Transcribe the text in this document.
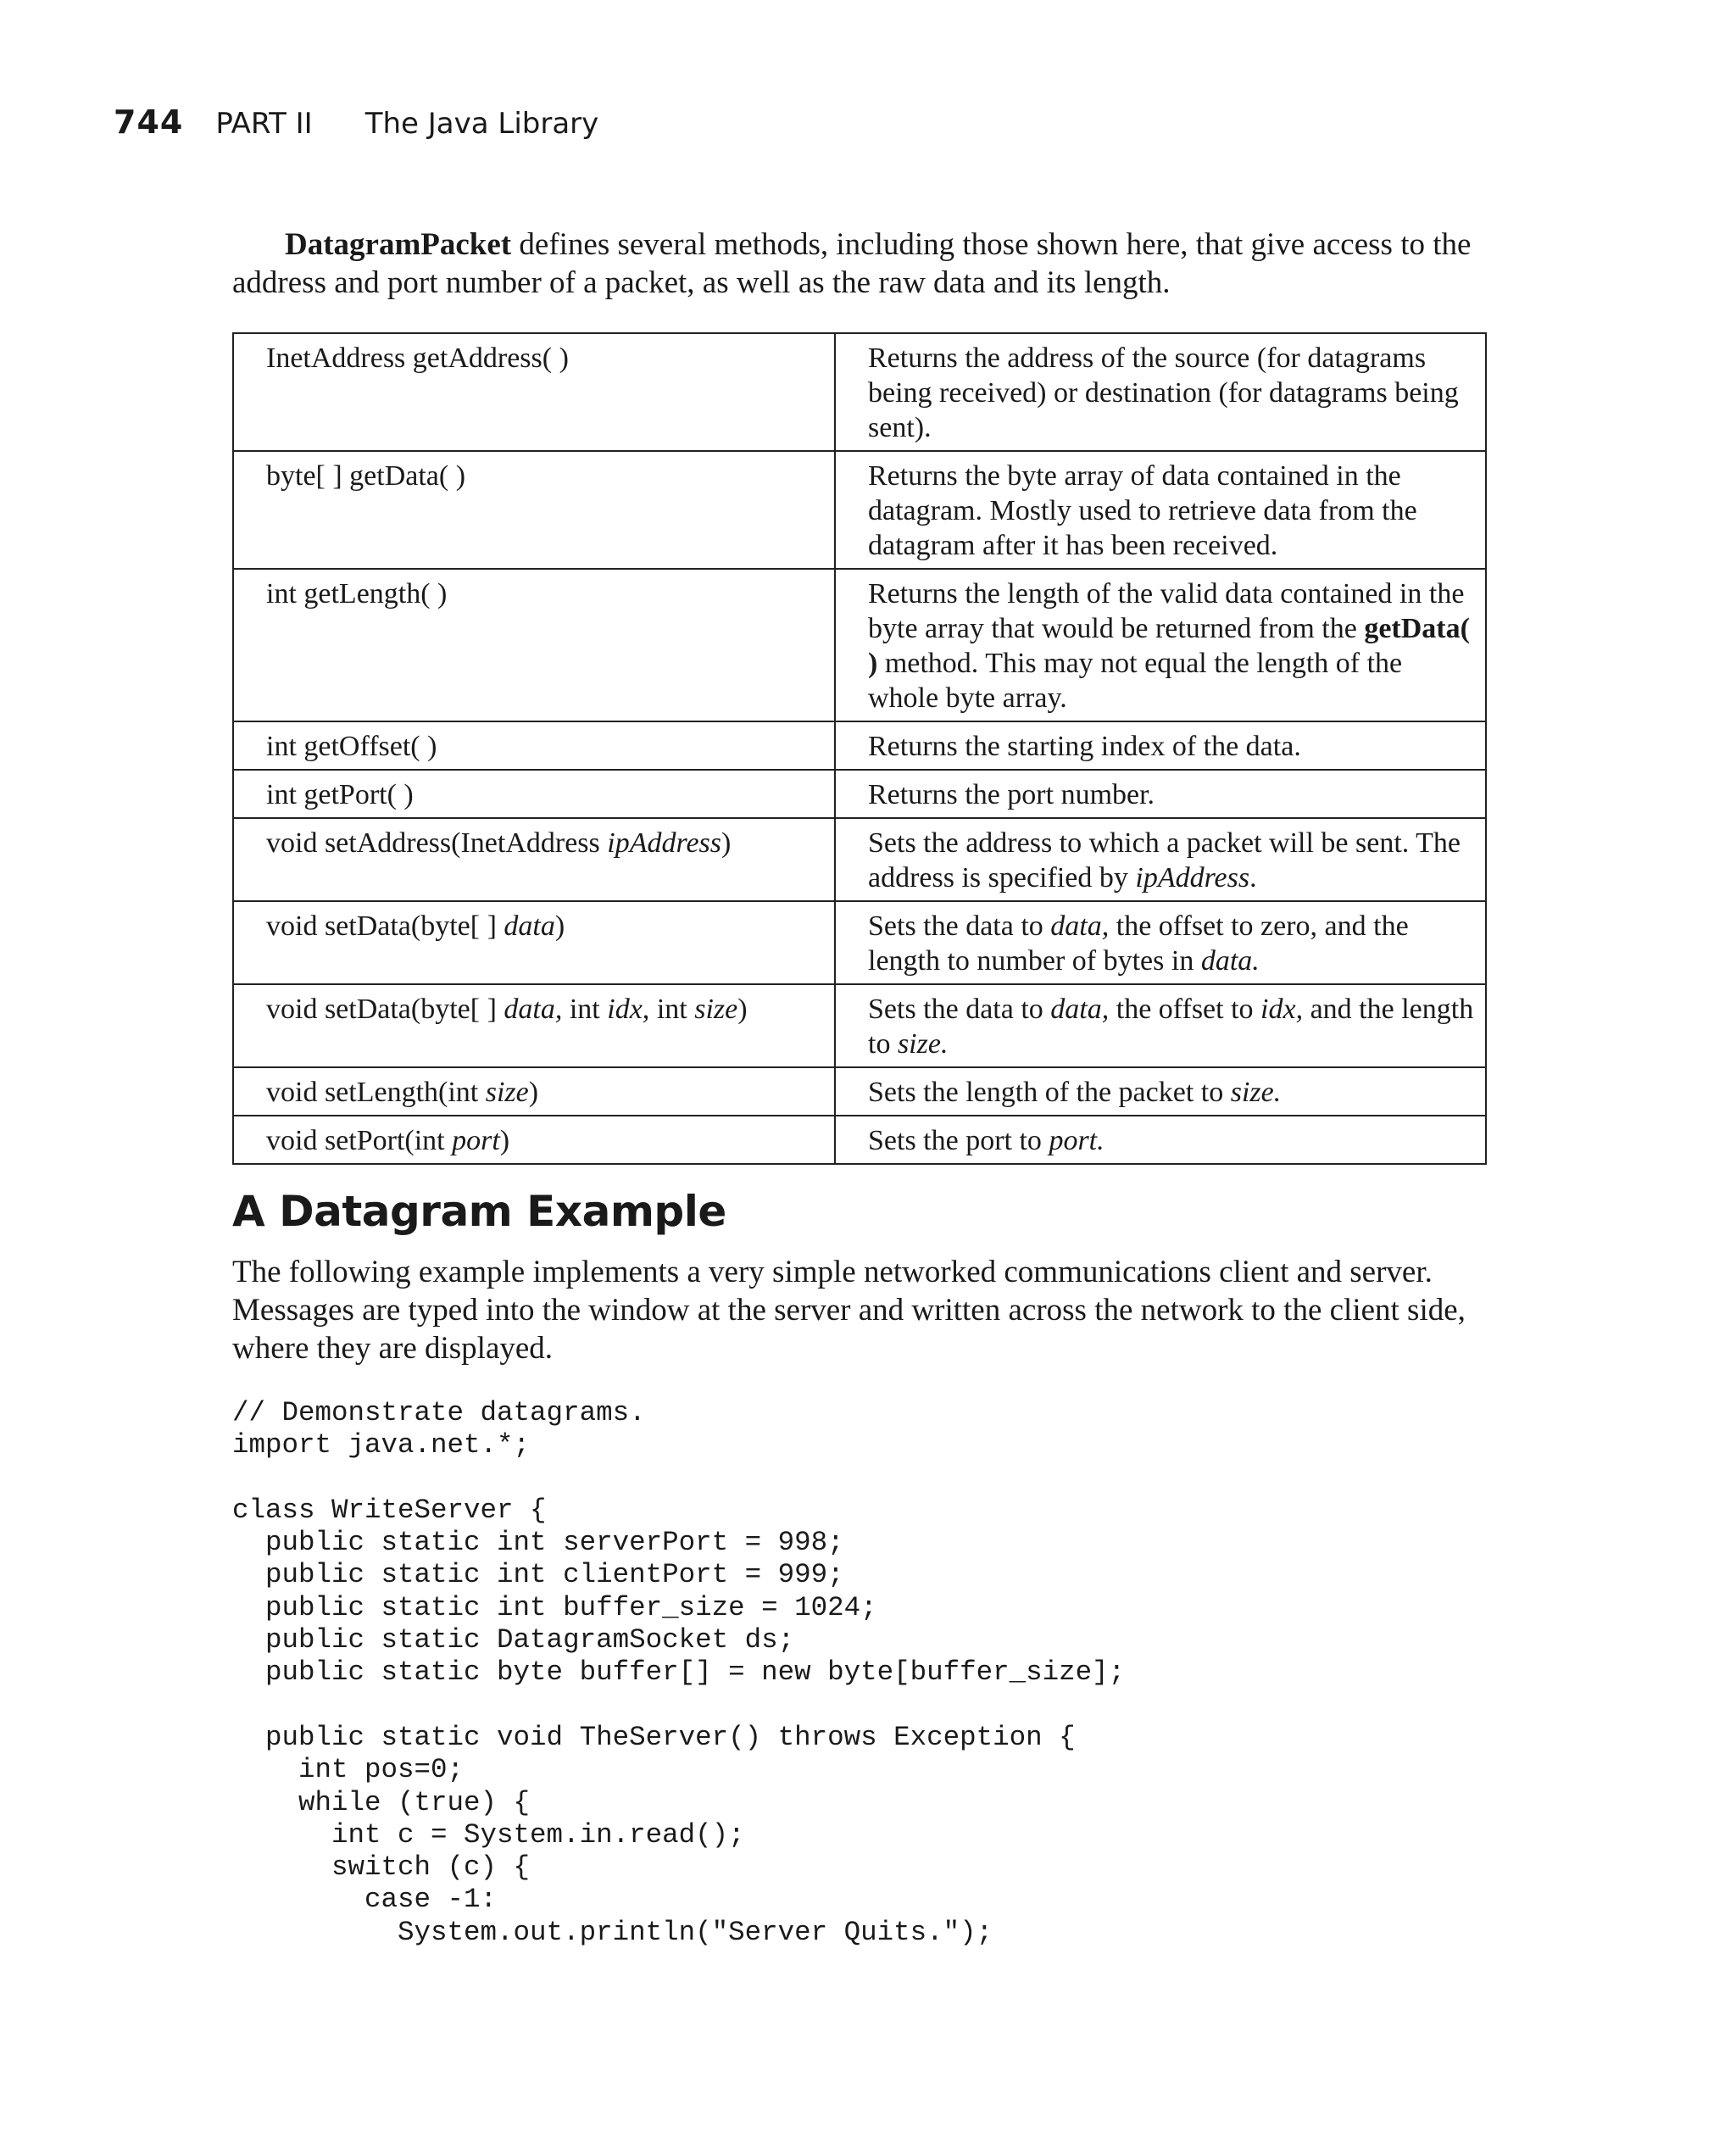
744 PART II The Java Library

DatagramPacket defines several methods, including those shown here, that give access to the address and port number of a packet, as well as the raw data and its length.

InetAddress getAddress( )	Returns the address of the source (for datagrams being received) or destination (for datagrams being sent).
byte[ ] getData( )	Returns the byte array of data contained in the datagram. Mostly used to retrieve data from the datagram after it has been received.
int getLength( )	Returns the length of the valid data contained in the byte array that would be returned from the getData( ) method. This may not equal the length of the whole byte array.
int getOffset( )	Returns the starting index of the data.
int getPort( )	Returns the port number.
void setAddress(InetAddress ipAddress)	Sets the address to which a packet will be sent. The address is specified by ipAddress.
void setData(byte[ ] data)	Sets the data to data, the offset to zero, and the length to number of bytes in data.
void setData(byte[ ] data, int idx, int size)	Sets the data to data, the offset to idx, and the length to size.
void setLength(int size)	Sets the length of the packet to size.
void setPort(int port)	Sets the port to port.
A Datagram Example

The following example implements a very simple networked communications client and server. Messages are typed into the window at the server and written across the network to the client side, where they are displayed.

// Demonstrate datagrams.
import java.net.*;

class WriteServer {
public static int serverPort = 998;
public static int clientPort = 999;
public static int buffer_size = 1024;
public static DatagramSocket ds;
public static byte buffer[] = new byte[buffer_size];

public static void TheServer() throws Exception {
int pos=0;
while (true) {
int c = System.in.read();
switch (c) {
case -1:
System.out.println("Server Quits.");
